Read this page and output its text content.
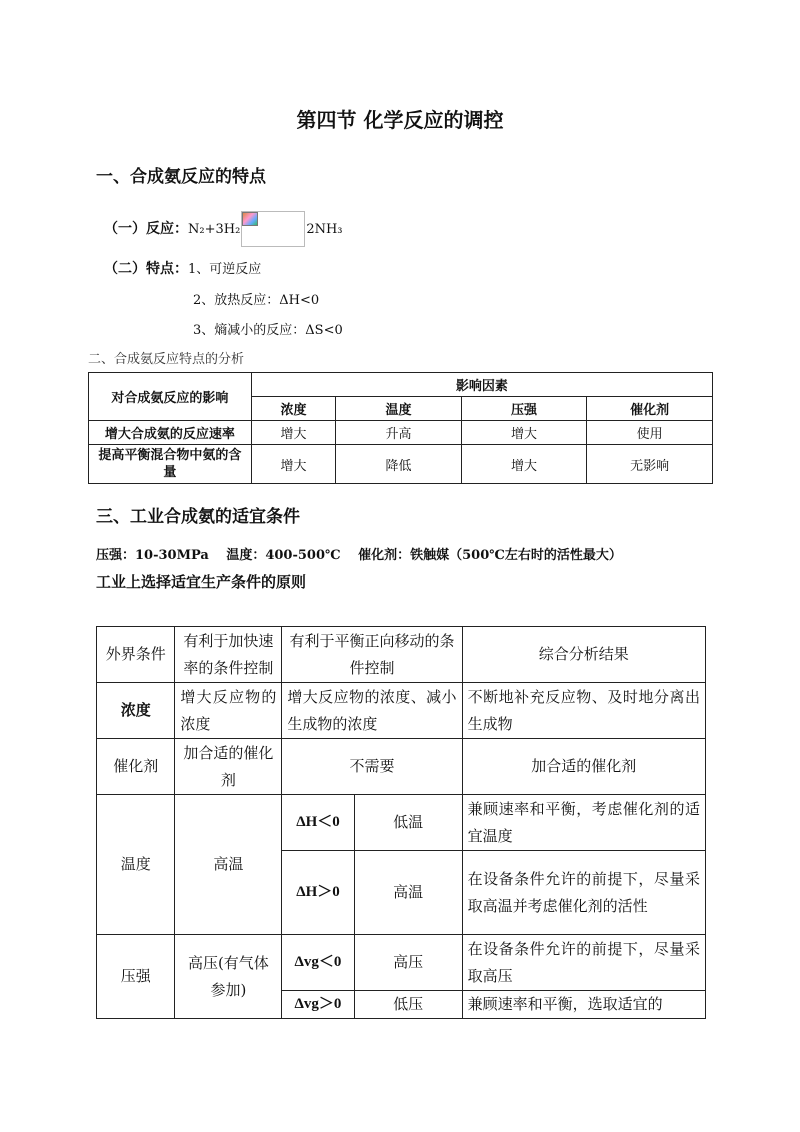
第四节 化学反应的调控
一、合成氨反应的特点
（一）反应：N₂+3H₂	2NH₃
（二）特点：1、可逆反应
2、放热反应：ΔH<0
3、熵减小的反应：ΔS<0
二、合成氨反应特点的分析
对合成氨反应的影响	影响因素			
	浓度	温度	压强	催化剂
增大合成氨的反应速率	增大	升高	增大	使用
提高平衡混合物中氨的含量	增大	降低	增大	无影响
三、工业合成氨的适宜条件
压强：10-30MPa　 温度：400-500℃　 催化剂：铁触媒（500℃左右时的活性最大）
工业上选择适宜生产条件的原则
外界条件	有利于加快速率的条件控制	有利于平衡正向移动的条件控制		综合分析结果
浓度	增大反应物的浓度	增大反应物的浓度、减小生成物的浓度		不断地补充反应物、及时地分离出生成物
催化剂	加合适的催化剂	不需要		加合适的催化剂
温度	高温	ΔH＜0	低温	兼顾速率和平衡，考虑催化剂的适宜温度
		ΔH＞0	高温	在设备条件允许的前提下，尽量采取高温并考虑催化剂的活性
压强	高压(有气体参加)	Δvg＜0	高压	在设备条件允许的前提下，尽量采取高压
		Δvg＞0	低压	兼顾速率和平衡，选取适宜的
